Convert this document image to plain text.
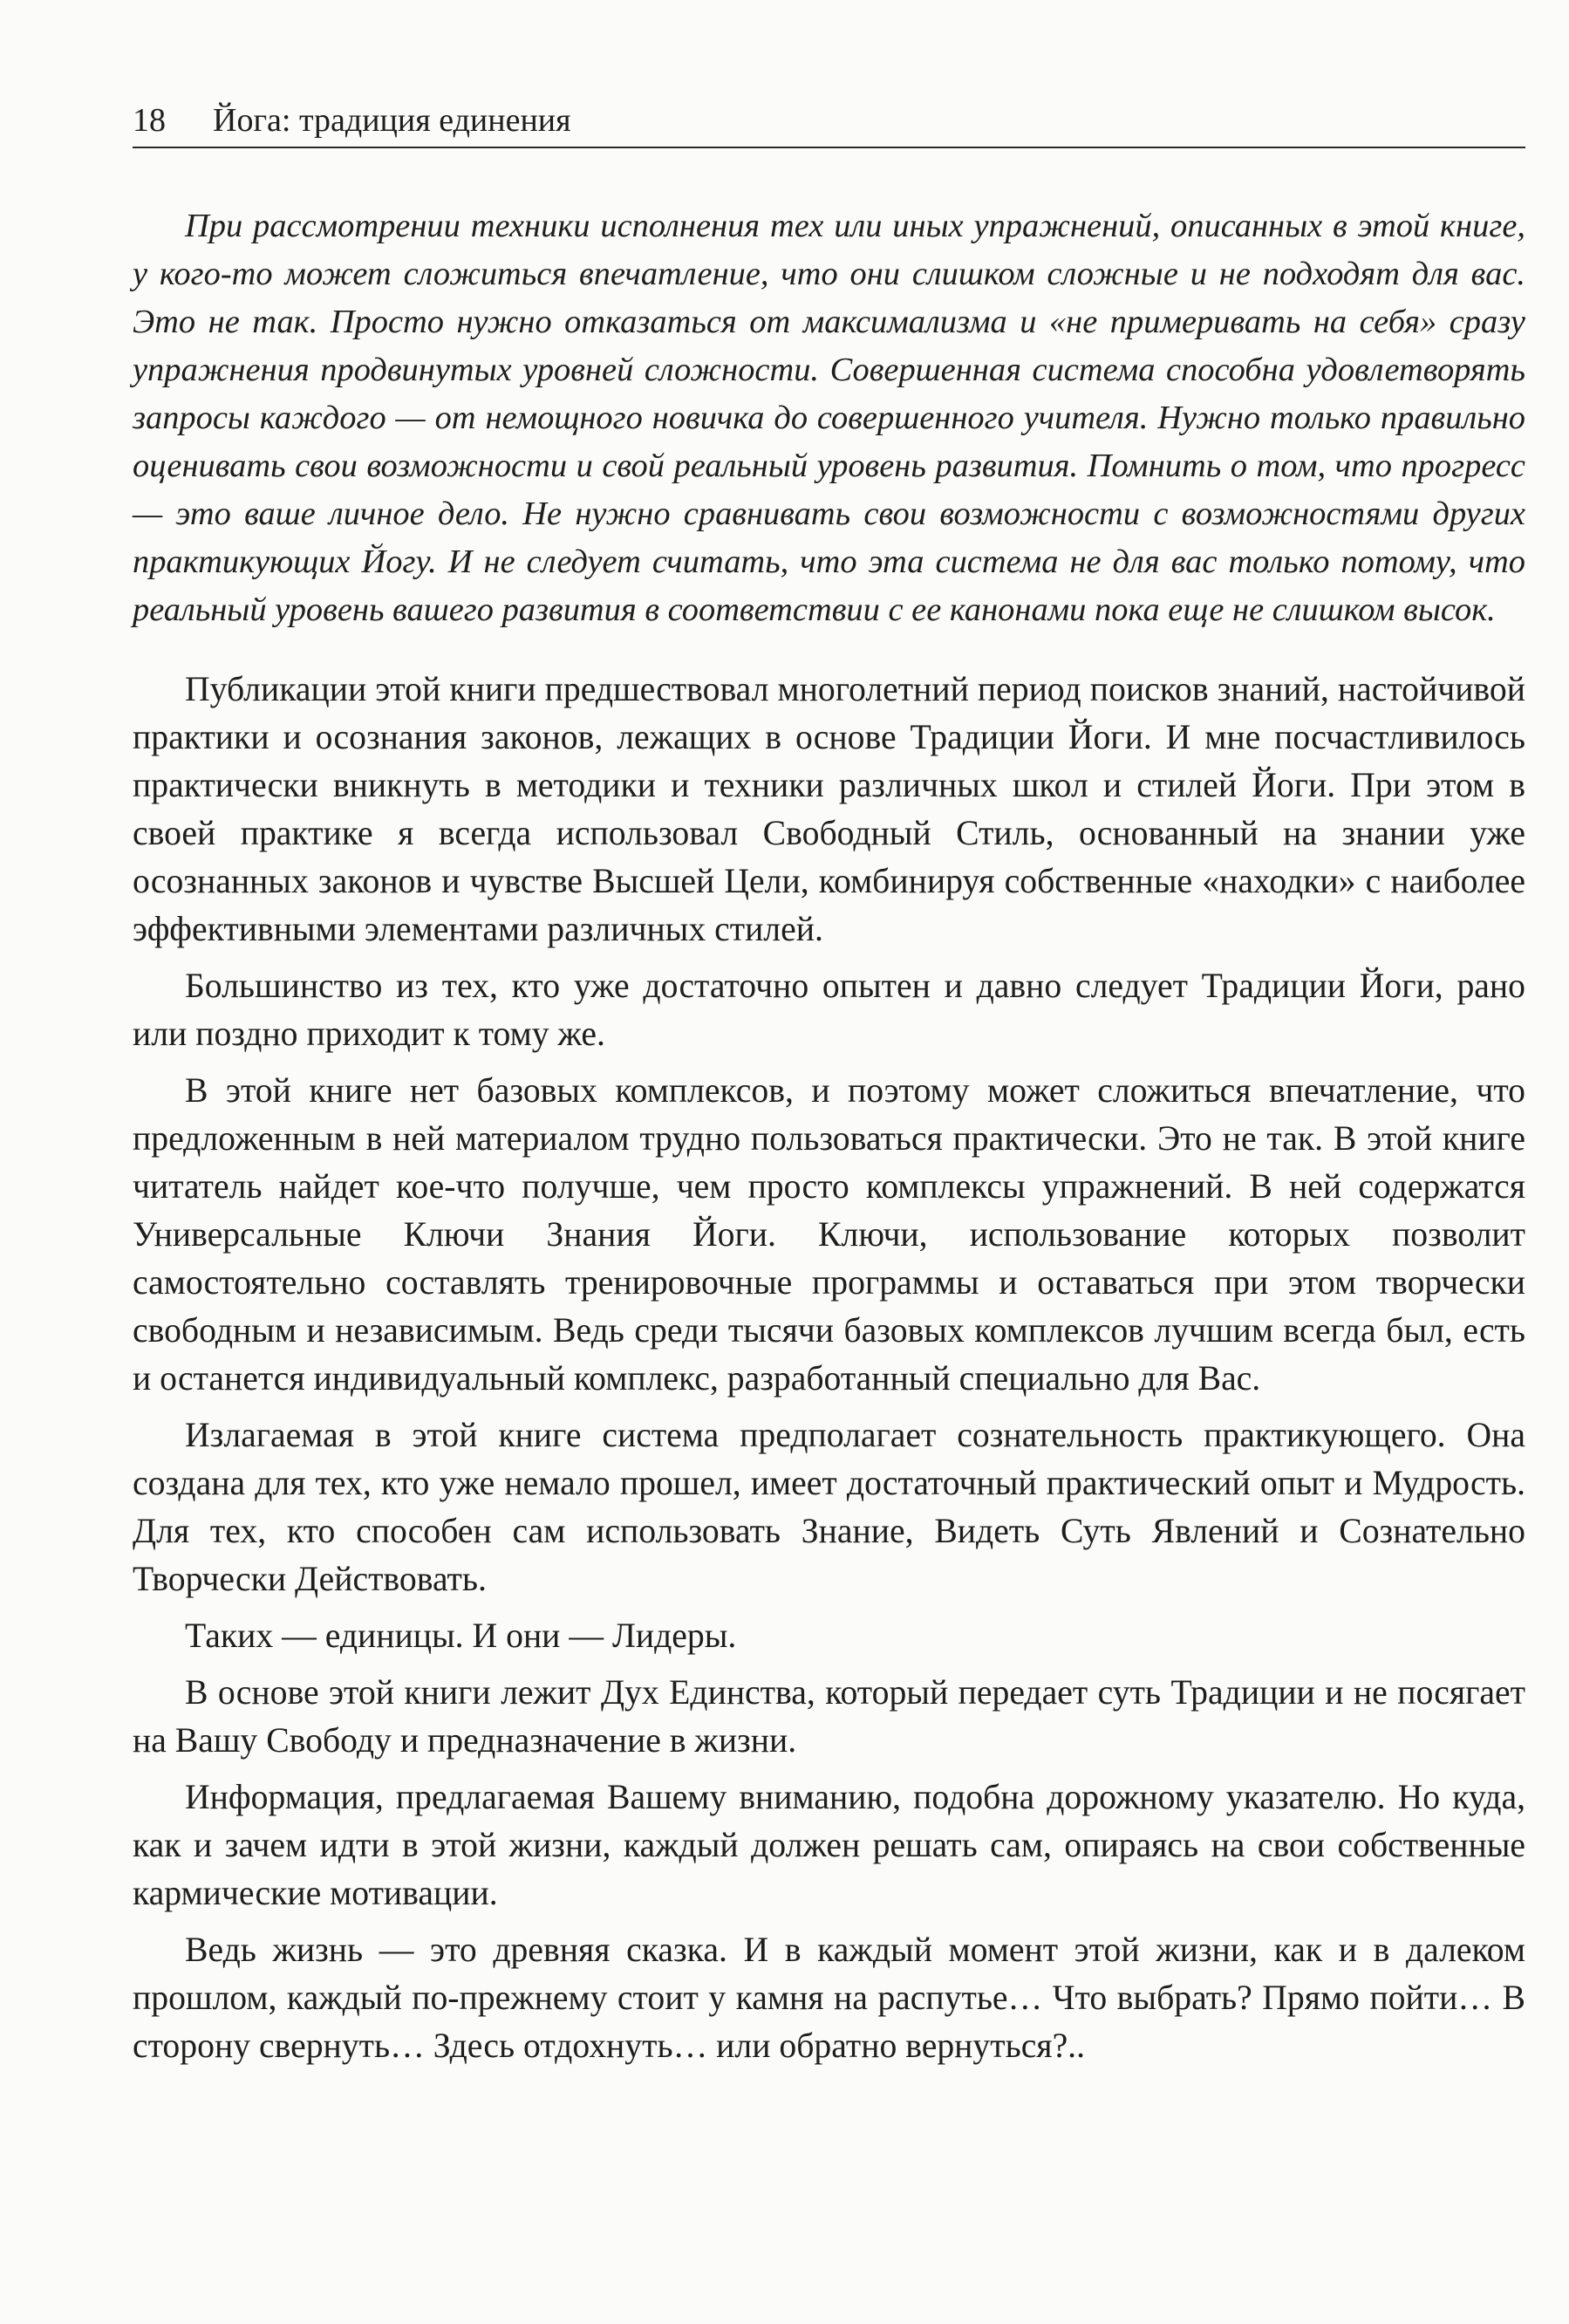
18 Йога: традиция единения

При рассмотрении техники исполнения тех или иных упражнений, описанных в этой книге, у кого-то может сложиться впечатление, что они слишком сложные и не подходят для вас. Это не так. Просто нужно отказаться от максимализма и «не примеривать на себя» сразу упражнения продвинутых уровней сложности. Совершенная система способна удовлетворять запросы каждого — от немощного новичка до совершенного учителя. Нужно только правильно оценивать свои возможности и свой реальный уровень развития. Помнить о том, что прогресс — это ваше личное дело. Не нужно сравнивать свои возможности с возможностями других практикующих Йогу. И не следует считать, что эта система не для вас только потому, что реальный уровень вашего развития в соответствии с ее канонами пока еще не слишком высок.

Публикации этой книги предшествовал многолетний период поисков знаний, настойчивой практики и осознания законов, лежащих в основе Традиции Йоги. И мне посчастливилось практически вникнуть в методики и техники различных школ и стилей Йоги. При этом в своей практике я всегда использовал Свободный Стиль, основанный на знании уже осознанных законов и чувстве Высшей Цели, комбинируя собственные «находки» с наиболее эффективными элементами различных стилей.

Большинство из тех, кто уже достаточно опытен и давно следует Традиции Йоги, рано или поздно приходит к тому же.

В этой книге нет базовых комплексов, и поэтому может сложиться впечатление, что предложенным в ней материалом трудно пользоваться практически. Это не так. В этой книге читатель найдет кое-что получше, чем просто комплексы упражнений. В ней содержатся Универсальные Ключи Знания Йоги. Ключи, использование которых позволит самостоятельно составлять тренировочные программы и оставаться при этом творчески свободным и независимым. Ведь среди тысячи базовых комплексов лучшим всегда был, есть и останется индивидуальный комплекс, разработанный специально для Вас.

Излагаемая в этой книге система предполагает сознательность практикующего. Она создана для тех, кто уже немало прошел, имеет достаточный практический опыт и Мудрость. Для тех, кто способен сам использовать Знание, Видеть Суть Явлений и Сознательно Творчески Действовать.

Таких — единицы. И они — Лидеры.

В основе этой книги лежит Дух Единства, который передает суть Традиции и не посягает на Вашу Свободу и предназначение в жизни.

Информация, предлагаемая Вашему вниманию, подобна дорожному указателю. Но куда, как и зачем идти в этой жизни, каждый должен решать сам, опираясь на свои собственные кармические мотивации.

Ведь жизнь — это древняя сказка. И в каждый момент этой жизни, как и в далеком прошлом, каждый по-прежнему стоит у камня на распутье… Что выбрать? Прямо пойти… В сторону свернуть… Здесь отдохнуть… или обратно вернуться?..
